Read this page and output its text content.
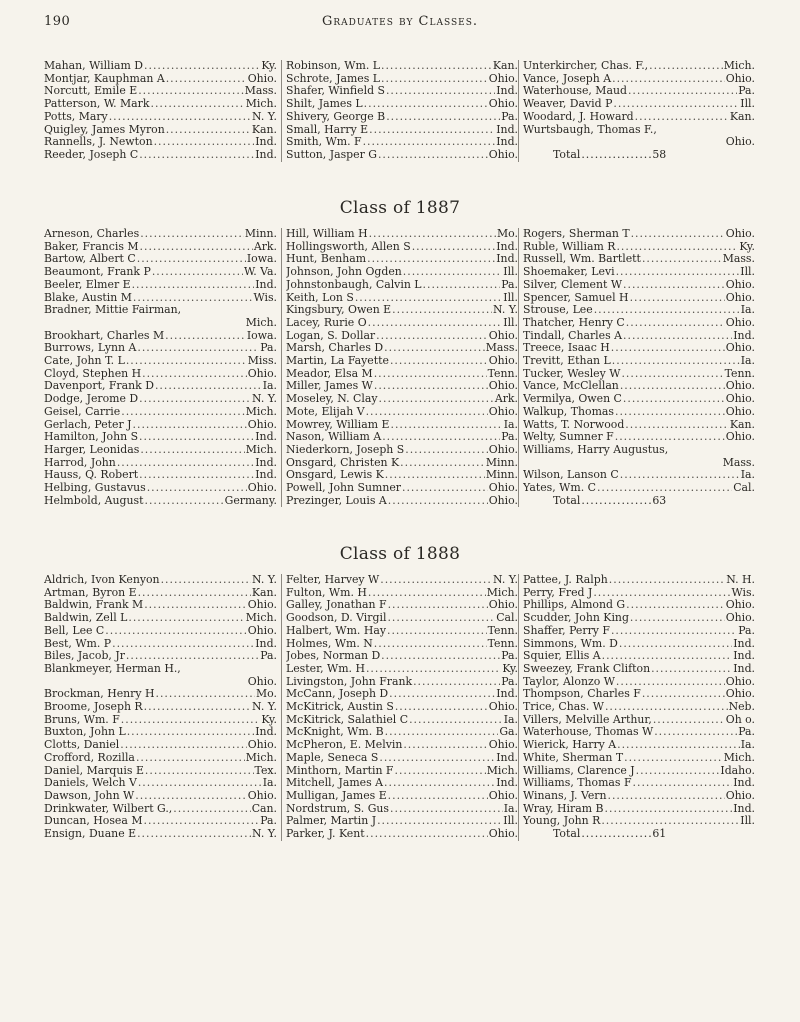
190	Graduates by Classes.
Mahan, William D .....	Ky.
Montjar, Kauphman A .....	Ohio.
Norcutt, Emile E .....	Mass.
Patterson, W. Mark .....	Mich.
Potts, Mary .....	N. Y.
Quigley, James Myron .....	Kan.
Rannells, J. Newton .....	Ind.
Reeder, Joseph C .....	Ind.
Robinson, Wm. L .....	Kan.
Schrote, James L .....	Ohio.
Shafer, Winfield S .....	Ind.
Shilt, James L .....	Ohio.
Shivery, George B .....	Pa.
Small, Harry E .....	Ind.
Smith, Wm. F .....	Ind.
Sutton, Jasper G .....	Ohio.
Unterkircher, Chas. F., .....	Mich.
Vance, Joseph A .....	Ohio.
Waterhouse, Maud .....	Pa.
Weaver, David P .....	Ill.
Woodard, J. Howard .....	Kan.
Wurtsbaugh, Thomas F.,
Ohio.
Total .....	58
Class of 1887
Arneson, Charles .....	Minn.
Baker, Francis M .....	Ark.
Bartow, Albert C .....	Iowa.
Beaumont, Frank P .....	W. Va.
Beeler, Elmer E .....	Ind.
Blake, Austin M .....	Wis.
Bradner, Mittie Fairman,
Mich.
Brookhart, Charles M .....	Iowa.
Burrows, Lynn A .....	Pa.
Cate, John T. L .....	Miss.
Cloyd, Stephen H .....	Ohio.
Davenport, Frank D .....	Ia.
Dodge, Jerome D .....	N. Y.
Geisel, Carrie .....	Mich.
Gerlach, Peter J .....	Ohio.
Hamilton, John S .....	Ind.
Harger, Leonidas .....	Mich.
Harrod, John .....	Ind.
Hauss, Q. Robert .....	Ind.
Helbing, Gustavus .....	Ohio.
Helmbold, August .....	Germany.
Hill, William H .....	Mo.
Hollingsworth, Allen S .....	Ind.
Hunt, Benham .....	Ind.
Johnson, John Ogden .....	Ill.
Johnstonbaugh, Calvin L .....	Pa.
Keith, Lon S .....	Ill.
Kingsbury, Owen E .....	N. Y.
Lacey, Rurie O .....	Ill.
Logan, S. Dollar .....	Ohio.
Marsh, Charles D .....	Mass.
Martin, La Fayette .....	Ohio.
Meador, Elsa M .....	Tenn.
Miller, James W .....	Ohio.
Moseley, N. Clay .....	Ark.
Mote, Elijah V .....	Ohio.
Mowrey, William E .....	Ia.
Nason, William A .....	Pa.
Niederkorn, Joseph S .....	Ohio.
Onsgard, Christen K .....	Minn.
Onsgard, Lewis K .....	Minn.
Powell, John Sumner .....	Ohio.
Prezinger, Louis A .....	Ohio.
Rogers, Sherman T .....	Ohio.
Ruble, William R .....	Ky.
Russell, Wm. Bartlett .....	Mass.
Shoemaker, Levi .....	Ill.
Silver, Clement W .....	Ohio.
Spencer, Samuel H .....	Ohio.
Strouse, Lee .....	Ia.
Thatcher, Henry C .....	Ohio.
Tindall, Charles A .....	Ind.
Treece, Isaac H .....	Ohio.
Trevitt, Ethan L .....	Ia.
Tucker, Wesley W .....	Tenn.
Vance, McClellan .....	Ohio.
Vermilya, Owen C .....	Ohio.
Walkup, Thomas .....	Ohio.
Watts, T. Norwood .....	Kan.
Welty, Sumner F .....	Ohio.
Williams, Harry Augustus,
Mass.
Wilson, Lanson C .....	Ia.
Yates, Wm. C .....	Cal.
Total .....	63
Class of 1888
Aldrich, Ivon Kenyon .....	N. Y.
Artman, Byron E .....	Kan.
Baldwin, Frank M .....	Ohio.
Baldwin, Zell L .....	Mich.
Bell, Lee C .....	Ohio.
Best, Wm. P .....	Ind.
Biles, Jacob, Jr .....	Pa.
Blankmeyer, Herman H.,
Ohio.
Brockman, Henry H .....	Mo.
Broome, Joseph R .....	N. Y.
Bruns, Wm. F .....	Ky.
Buxton, John L .....	Ind.
Clotts, Daniel .....	Ohio.
Crofford, Rozilla .....	Mich.
Daniel, Marquis E .....	Tex.
Daniels, Welch V .....	Ia.
Dawson, John W .....	Ohio.
Drinkwater, Wilbert G., .....	Can.
Duncan, Hosea M .....	Pa.
Ensign, Duane E .....	N. Y.
Felter, Harvey W .....	N. Y.
Fulton, Wm. H .....	Mich.
Galley, Jonathan F .....	Ohio.
Goodson, D. Virgil .....	Cal.
Halbert, Wm. Hay .....	Tenn.
Holmes, Wm. N .....	Tenn.
Jobes, Norman D .....	Pa.
Lester, Wm. H .....	Ky.
Livingston, John Frank .....	Pa.
McCann, Joseph D .....	Ind.
McKitrick, Austin S .....	Ohio.
McKitrick, Salathiel C .....	Ia.
McKnight, Wm. B .....	Ga.
McPheron, E. Melvin .....	Ohio.
Maple, Seneca S .....	Ind.
Minthorn, Martin F .....	Mich.
Mitchell, James A .....	Ind.
Mulligan, James E .....	Ohio.
Nordstrum, S. Gus .....	Ia.
Palmer, Martin J .....	Ill.
Parker, J. Kent .....	Ohio.
Pattee, J. Ralph .....	N. H.
Perry, Fred J .....	Wis.
Phillips, Almond G .....	Ohio.
Scudder, John King .....	Ohio.
Shaffer, Perry F .....	Pa.
Simmons, Wm. D .....	Ind.
Squier, Ellis A .....	Ind.
Sweezey, Frank Clifton .....	Ind.
Taylor, Alonzo W .....	Ohio.
Thompson, Charles F .....	Ohio.
Trice, Chas. W .....	Neb.
Villers, Melville Arthur, .....	Oh o.
Waterhouse, Thomas W .....	Pa.
Wierick, Harry A .....	Ia.
White, Sherman T .....	Mich.
Williams, Clarence J .....	Idaho.
Williams, Thomas F .....	Ind.
Winans, J. Vern .....	Ohio.
Wray, Hiram B .....	Ind.
Young, John R .....	Ill.
Total .....	61
